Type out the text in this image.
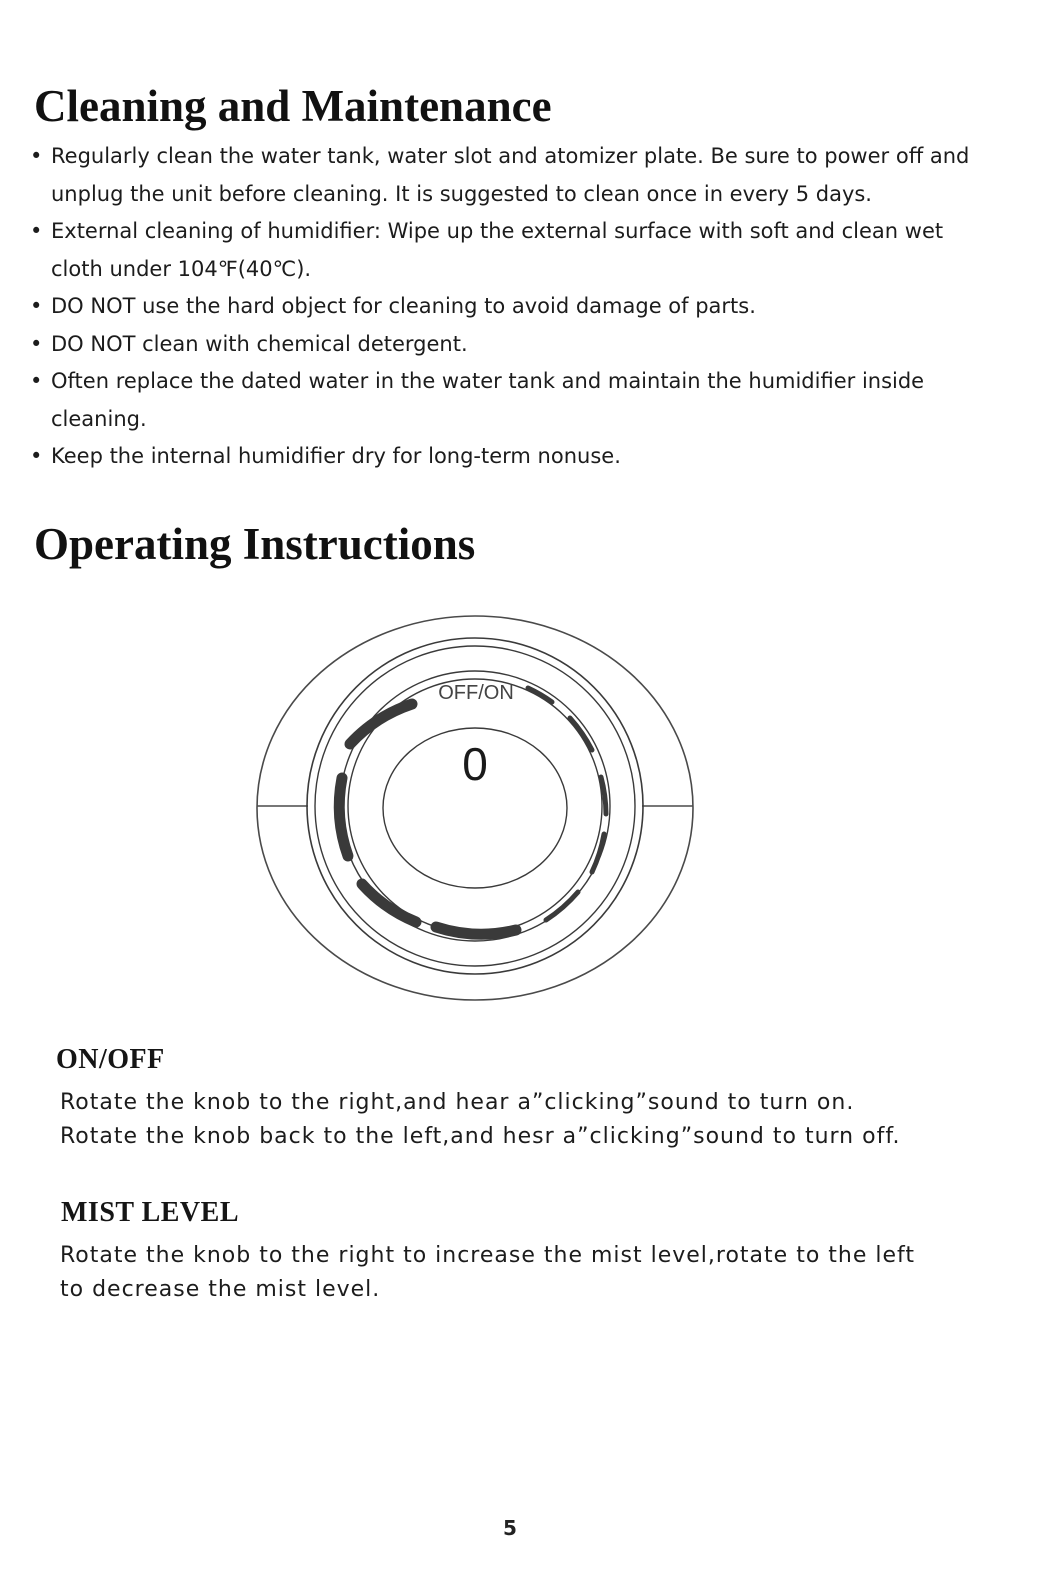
Cleaning and Maintenance
• Regularly clean the water tank, water slot and atomizer plate. Be sure to power off and unplug the unit before cleaning. It is suggested to clean once in every 5 days.
• External cleaning of humidifier: Wipe up the external surface with soft and clean wet cloth under 104℉(40℃).
• DO NOT use the hard object for cleaning to avoid damage of parts.
• DO NOT clean with chemical detergent.
• Often replace the dated water in the water tank and maintain the humidifier inside cleaning.
• Keep the internal humidifier dry for long-term nonuse.
Operating Instructions
OFF/ON
0
ON/OFF

Rotate the knob to the right,and hear a”clicking”sound to turn on.
Rotate the knob back to the left,and hesr a”clicking”sound to turn off.

MIST LEVEL

Rotate the knob to the right to increase the mist level,rotate to the left
to decrease the mist level.

5
